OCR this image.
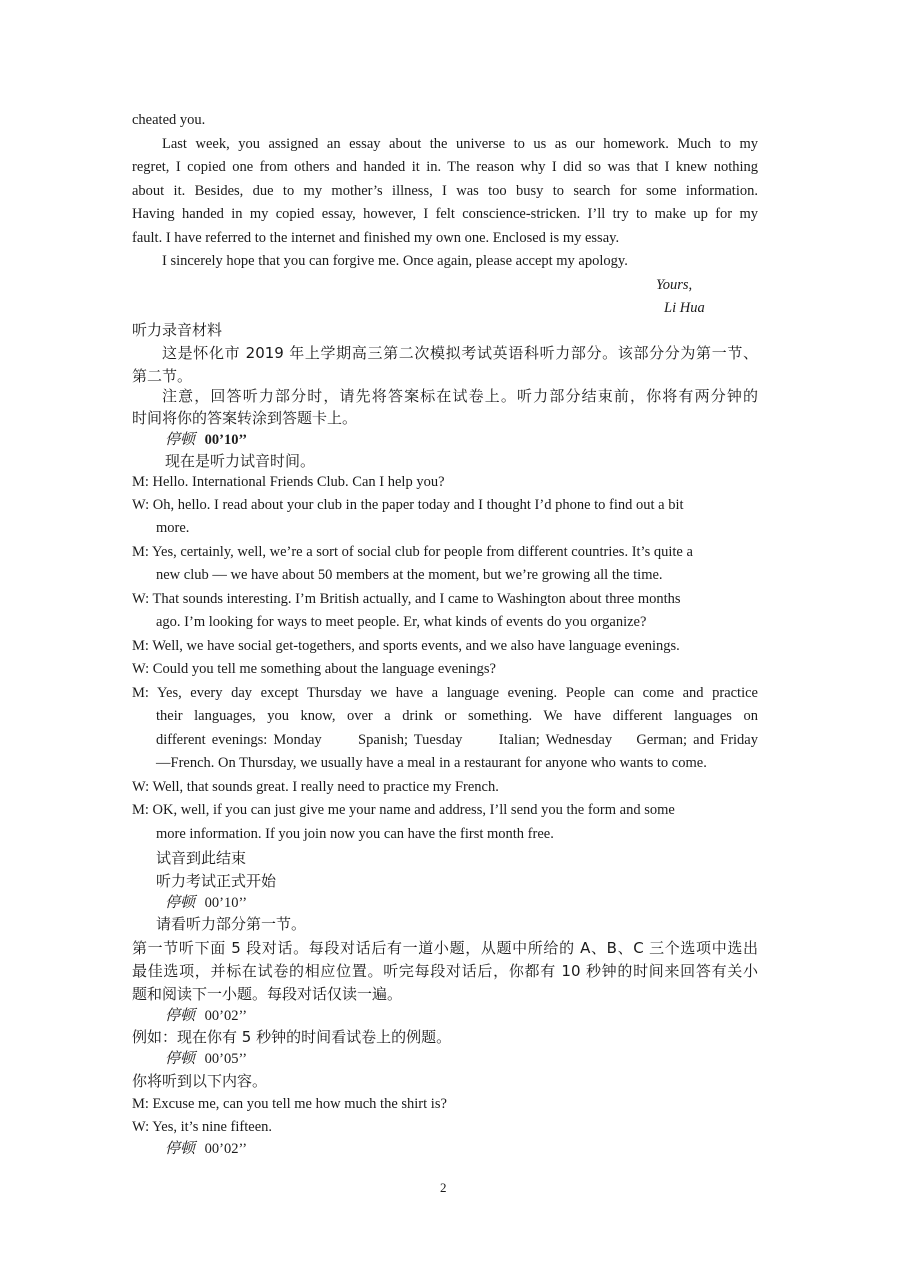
cheated you.
Last week, you assigned an essay about the universe to us as our homework. Much to my
regret, I copied one from others and handed it in. The reason why I did so was that I knew nothing
about it. Besides, due to my mother’s illness, I was too busy to search for some information.
Having handed in my copied essay, however, I felt conscience-stricken. I’ll try to make up for my
fault. I have referred to the internet and finished my own one. Enclosed is my essay.
I sincerely hope that you can forgive me. Once again, please accept my apology.
Yours,
Li Hua
听力录音材料
这是怀化市 2019 年上学期高三第二次模拟考试英语科听力部分。该部分分为第一节、
第二节。
注意，回答听力部分时，请先将答案标在试卷上。听力部分结束前，你将有两分钟的
时间将你的答案转涂到答题卡上。
停顿 00’10’’
现在是听力试音时间。
M: Hello. International Friends Club. Can I help you?
W: Oh, hello. I read about your club in the paper today and I thought I’d phone to find out a bit
more.
M: Yes, certainly, well, we’re a sort of social club for people from different countries. It’s quite a
new club — we have about 50 members at the moment, but we’re growing all the time.
W: That sounds interesting. I’m British actually, and I came to Washington about three months
ago. I’m looking for ways to meet people. Er, what kinds of events do you organize?
M: Well, we have social get-togethers, and sports events, and we also have language evenings.
W: Could you tell me something about the language evenings?
M: Yes, every day except Thursday we have a language evening. People can come and practice
their languages, you know, over a drink or something. We have different languages on
different evenings: Monday      Spanish; Tuesday      Italian; Wednesday    German; and Friday
—French. On Thursday, we usually have a meal in a restaurant for anyone who wants to come.
W: Well, that sounds great. I really need to practice my French.
M: OK, well, if you can just give me your name and address, I’ll send you the form and some
more information. If you join now you can have the first month free.
试音到此结束
听力考试正式开始
停顿 00’10’’
请看听力部分第一节。
第一节听下面 5 段对话。每段对话后有一道小题，从题中所给的 A、B、C 三个选项中选出
最佳选项，并标在试卷的相应位置。听完每段对话后，你都有 10 秒钟的时间来回答有关小
题和阅读下一小题。每段对话仅读一遍。
停顿 00’02’’
例如：现在你有 5 秒钟的时间看试卷上的例题。
停顿 00’05’’
你将听到以下内容。
M: Excuse me, can you tell me how much the shirt is?
W: Yes, it’s nine fifteen.
停顿 00’02’’
2
